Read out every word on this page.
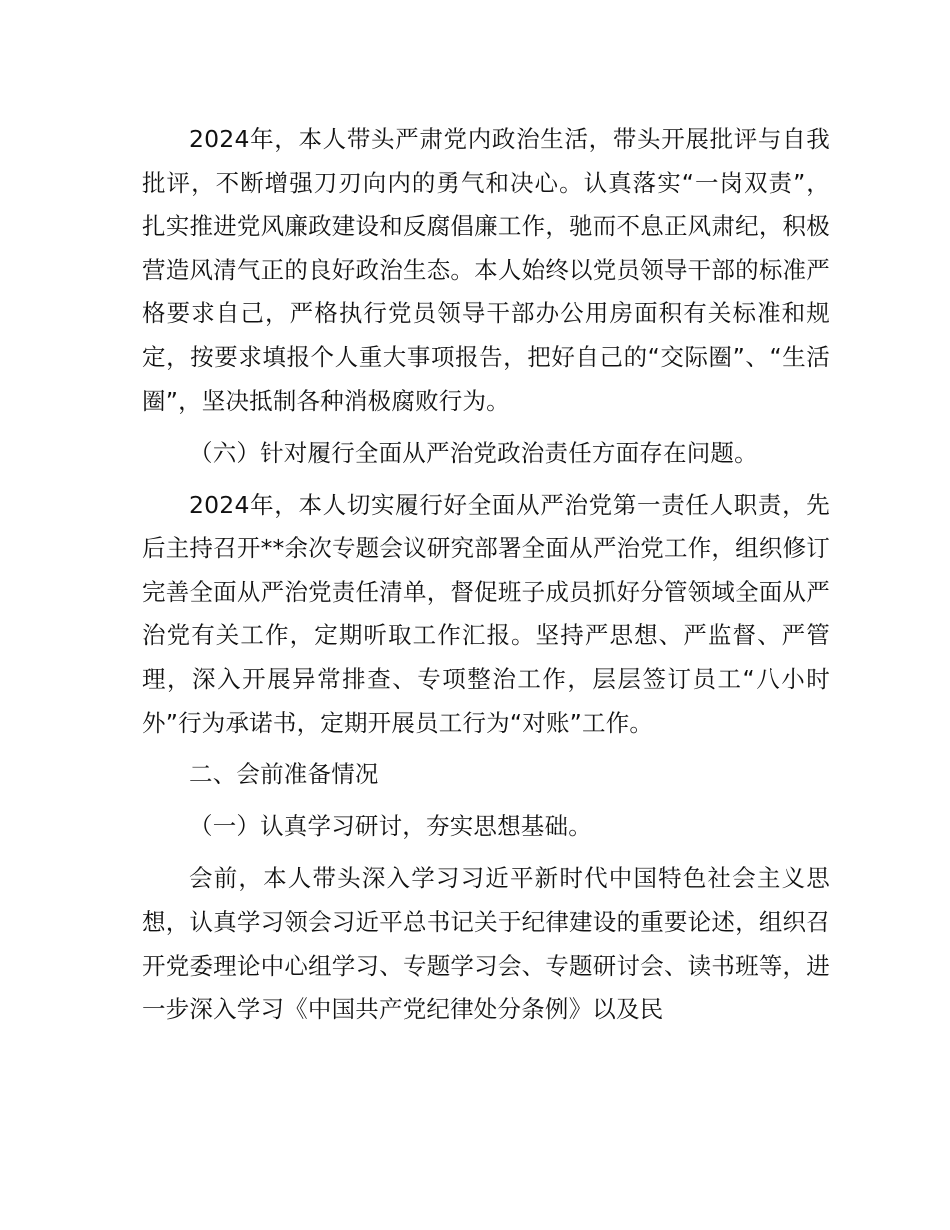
2024年，本人带头严肃党内政治生活，带头开展批评与自我批评，不断增强刀刃向内的勇气和决心。认真落实“一岗双责”，扎实推进党风廉政建设和反腐倡廉工作，驰而不息正风肃纪，积极营造风清气正的良好政治生态。本人始终以党员领导干部的标准严格要求自己，严格执行党员领导干部办公用房面积有关标准和规定，按要求填报个人重大事项报告，把好自己的“交际圈”、“生活圈”，坚决抵制各种消极腐败行为。

（六）针对履行全面从严治党政治责任方面存在问题。

2024年，本人切实履行好全面从严治党第一责任人职责，先后主持召开**余次专题会议研究部署全面从严治党工作，组织修订完善全面从严治党责任清单，督促班子成员抓好分管领域全面从严治党有关工作，定期听取工作汇报。坚持严思想、严监督、严管理，深入开展异常排查、专项整治工作，层层签订员工“八小时外”行为承诺书，定期开展员工行为“对账”工作。

二、会前准备情况

（一）认真学习研讨，夯实思想基础。

会前，本人带头深入学习习近平新时代中国特色社会主义思想，认真学习领会习近平总书记关于纪律建设的重要论述，组织召开党委理论中心组学习、专题学习会、专题研讨会、读书班等，进一步深入学习《中国共产党纪律处分条例》以及民
